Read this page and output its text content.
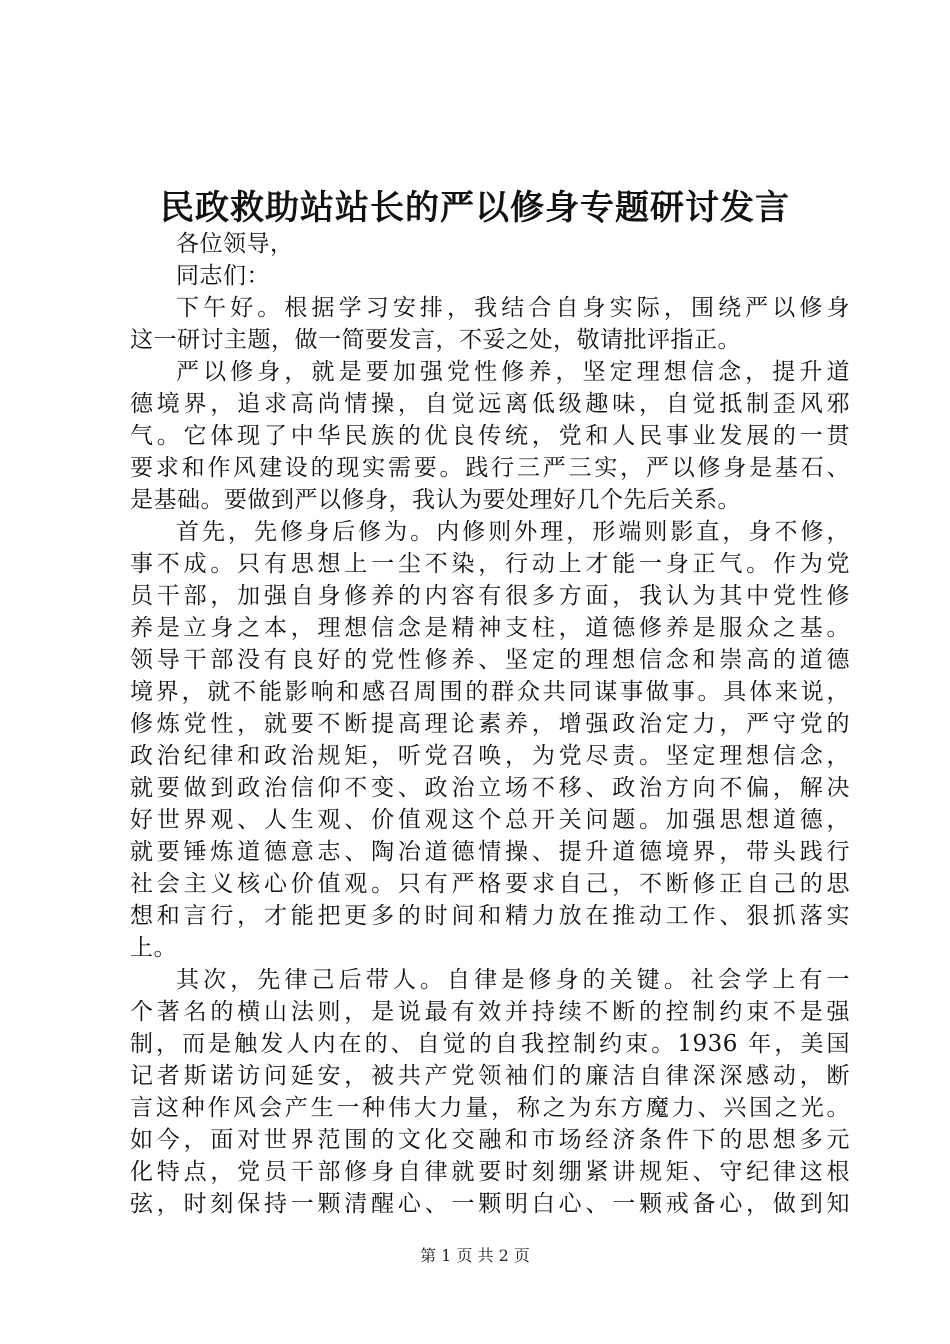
民政救助站站长的严以修身专题研讨发言
各位领导，
同志们：
下午好。根据学习安排，我结合自身实际，围绕严以修身
这一研讨主题，做一简要发言，不妥之处，敬请批评指正。
严以修身，就是要加强党性修养，坚定理想信念，提升道
德境界，追求高尚情操，自觉远离低级趣味，自觉抵制歪风邪
气。它体现了中华民族的优良传统，党和人民事业发展的一贯
要求和作风建设的现实需要。践行三严三实，严以修身是基石、
是基础。要做到严以修身，我认为要处理好几个先后关系。
首先，先修身后修为。内修则外理，形端则影直，身不修，
事不成。只有思想上一尘不染，行动上才能一身正气。作为党
员干部，加强自身修养的内容有很多方面，我认为其中党性修
养是立身之本，理想信念是精神支柱，道德修养是服众之基。
领导干部没有良好的党性修养、坚定的理想信念和崇高的道德
境界，就不能影响和感召周围的群众共同谋事做事。具体来说，
修炼党性，就要不断提高理论素养，增强政治定力，严守党的
政治纪律和政治规矩，听党召唤，为党尽责。坚定理想信念，
就要做到政治信仰不变、政治立场不移、政治方向不偏，解决
好世界观、人生观、价值观这个总开关问题。加强思想道德，
就要锤炼道德意志、陶冶道德情操、提升道德境界，带头践行
社会主义核心价值观。只有严格要求自己，不断修正自己的思
想和言行，才能把更多的时间和精力放在推动工作、狠抓落实
上。
其次，先律己后带人。自律是修身的关键。社会学上有一
个著名的横山法则，是说最有效并持续不断的控制约束不是强
制，而是触发人内在的、自觉的自我控制约束。1936 年，美国
记者斯诺访问延安，被共产党领袖们的廉洁自律深深感动，断
言这种作风会产生一种伟大力量，称之为东方魔力、兴国之光。
如今，面对世界范围的文化交融和市场经济条件下的思想多元
化特点，党员干部修身自律就要时刻绷紧讲规矩、守纪律这根
弦，时刻保持一颗清醒心、一颗明白心、一颗戒备心，做到知
第 1 页 共 2 页
